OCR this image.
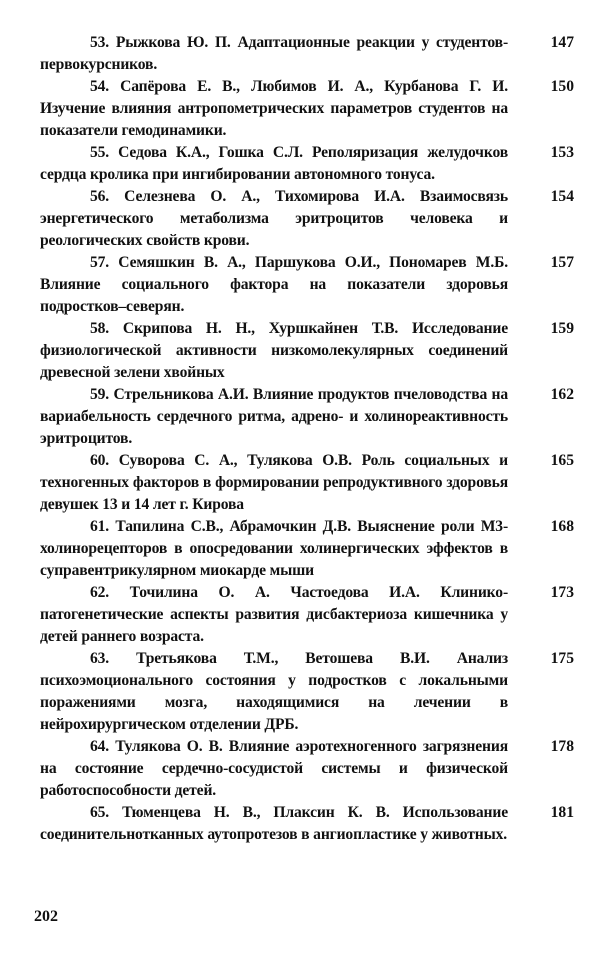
53. Рыжкова Ю. П. Адаптационные реакции у студентов-первокурсников.
147
54. Сапёрова Е. В., Любимов И. А., Курбанова Г. И. Изучение влияния антропометрических параметров студентов на показатели гемодинамики.
150
55. Седова К.А., Гошка С.Л. Реполяризация желудочков сердца кролика при ингибировании автономного тонуса.
153
56. Селезнева О. А., Тихомирова И.А. Взаимосвязь энергетического метаболизма эритроцитов человека и реологических свойств крови.
154
57. Семяшкин В. А., Паршукова О.И., Пономарев М.Б. Влияние социального фактора на показатели здоровья подростков–северян.
157
58. Скрипова Н. Н., Хуршкайнен Т.В. Исследование физиологической активности низкомолекулярных соединений древесной зелени хвойных
159
59. Стрельникова А.И. Влияние продуктов пчеловодства на вариабельность сердечного ритма, адрено- и холинореактивность эритроцитов.
162
60. Суворова С. А., Тулякова О.В. Роль социальных и техногенных факторов в формировании репродуктивного здоровья девушек 13 и 14 лет г. Кирова
165
61. Тапилина С.В., Абрамочкин Д.В. Выяснение роли М3-холинорецепторов в опосредовании холинергических эффектов в суправентрикулярном миокарде мыши
168
62. Точилина О. А. Частоедова И.А. Клинико-патогенетические аспекты развития дисбактериоза кишечника у детей раннего возраста.
173
63. Третьякова Т.М., Ветошева В.И. Анализ психоэмоционального состояния у подростков с локальными поражениями мозга, находящимися на лечении в нейрохирургическом отделении ДРБ.
175
64. Тулякова О. В. Влияние аэротехногенного загрязнения на состояние сердечно-сосудистой системы и физической работоспособности детей.
178
65. Тюменцева Н. В., Плаксин К. В. Использование соединительнотканных аутопротезов в ангиопластике у животных.
181
202
